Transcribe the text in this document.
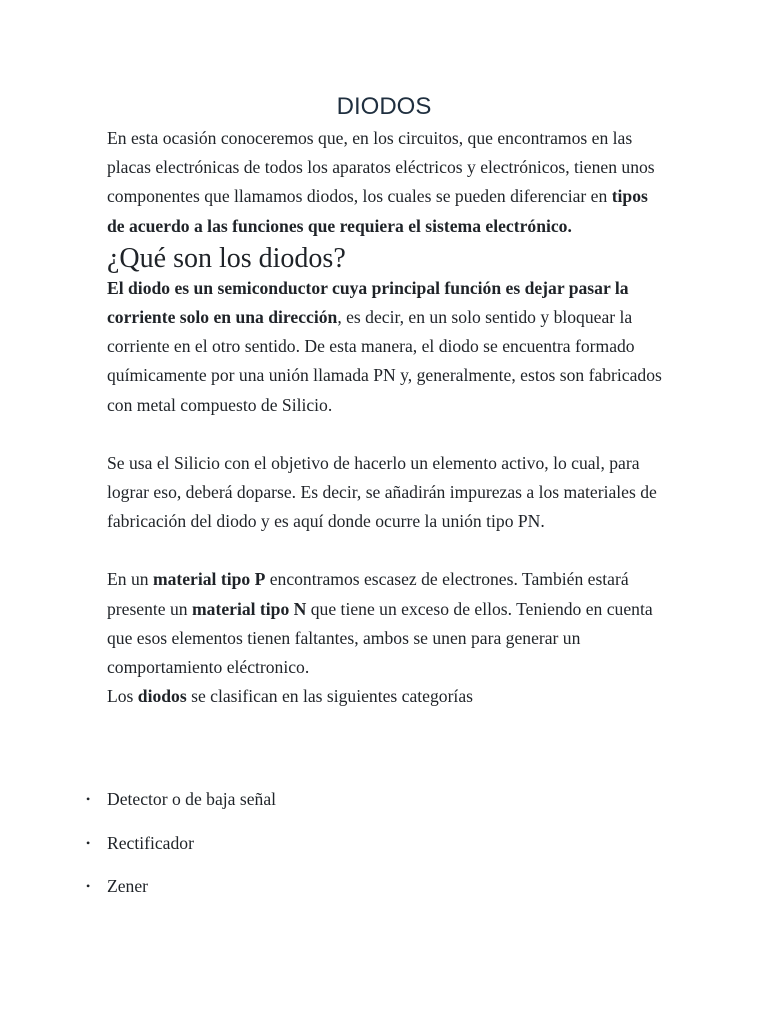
DIODOS

En esta ocasión conoceremos que, en los circuitos, que encontramos en las placas electrónicas de todos los aparatos eléctricos y electrónicos, tienen unos componentes que llamamos diodos, los cuales se pueden diferenciar en tipos de acuerdo a las funciones que requiera el sistema electrónico.

¿Qué son los diodos?

El diodo es un semiconductor cuya principal función es dejar pasar la corriente solo en una dirección, es decir, en un solo sentido y bloquear la corriente en el otro sentido. De esta manera, el diodo se encuentra formado químicamente por una unión llamada PN y, generalmente, estos son fabricados con metal compuesto de Silicio.

Se usa el Silicio con el objetivo de hacerlo un elemento activo, lo cual, para lograr eso, deberá doparse. Es decir, se añadirán impurezas a los materiales de fabricación del diodo y es aquí donde ocurre la unión tipo PN.

En un material tipo P encontramos escasez de electrones. También estará presente un material tipo N que tiene un exceso de ellos. Teniendo en cuenta que esos elementos tienen faltantes, ambos se unen para generar un comportamiento eléctronico.

Los diodos se clasifican en las siguientes categorías

• Detector o de baja señal
• Rectificador
• Zener
